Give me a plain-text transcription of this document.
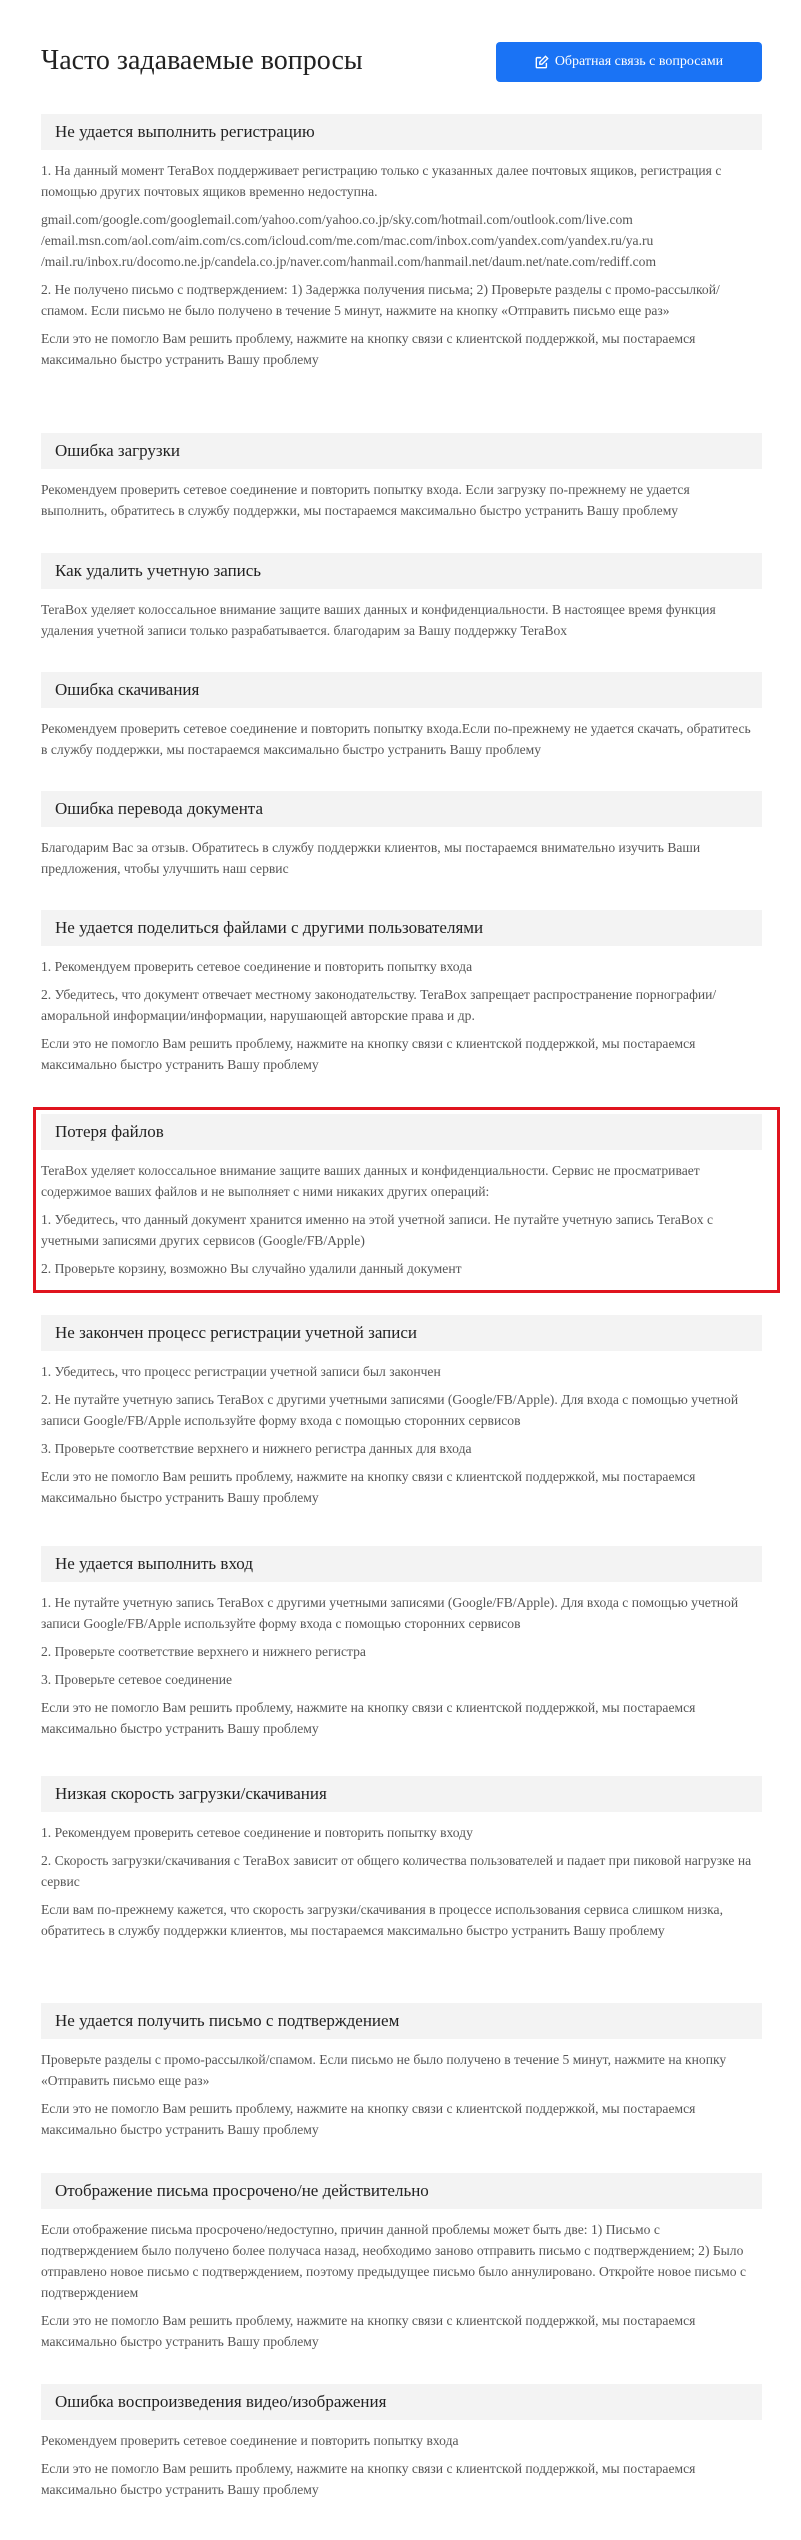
Часто задаваемые вопросы	Обратная связь с вопросами
Не удается выполнить регистрацию

1. На данный момент TeraBox поддерживает регистрацию только с указанных далее почтовых ящиков, регистрация с помощью других почтовых ящиков временно недоступна.

gmail.com/google.com/googlemail.com/yahoo.com/yahoo.co.jp/sky.com/hotmail.com/outlook.com/live.com /email.msn.com/aol.com/aim.com/cs.com/icloud.com/me.com/mac.com/inbox.com/yandex.com/yandex.ru/ya.ru /mail.ru/inbox.ru/docomo.ne.jp/candela.co.jp/naver.com/hanmail.com/hanmail.net/daum.net/nate.com/rediff.com

2. Не получено письмо с подтверждением: 1) Задержка получения письма; 2) Проверьте разделы с промо-рассылкой/спамом. Если письмо не было получено в течение 5 минут, нажмите на кнопку «Отправить письмо еще раз»

Если это не помогло Вам решить проблему, нажмите на кнопку связи с клиентской поддержкой, мы постараемся максимально быстро устранить Вашу проблему

Ошибка загрузки

Рекомендуем проверить сетевое соединение и повторить попытку входа. Если загрузку по-прежнему не удается выполнить, обратитесь в службу поддержки, мы постараемся максимально быстро устранить Вашу проблему

Как удалить учетную запись

TeraBox уделяет колоссальное внимание защите ваших данных и конфиденциальности. В настоящее время функция удаления учетной записи только разрабатывается. благодарим за Вашу поддержку TeraBox

Ошибка скачивания

Рекомендуем проверить сетевое соединение и повторить попытку входа.Если по-прежнему не удается скачать, обратитесь в службу поддержки, мы постараемся максимально быстро устранить Вашу проблему

Ошибка перевода документа

Благодарим Вас за отзыв. Обратитесь в службу поддержки клиентов, мы постараемся внимательно изучить Ваши предложения, чтобы улучшить наш сервис

Не удается поделиться файлами с другими пользователями

1. Рекомендуем проверить сетевое соединение и повторить попытку входа

2. Убедитесь, что документ отвечает местному законодательству. TeraBox запрещает распространение порнографии/аморальной информации/информации, нарушающей авторские права и др.

Если это не помогло Вам решить проблему, нажмите на кнопку связи с клиентской поддержкой, мы постараемся максимально быстро устранить Вашу проблему

Потеря файлов

TeraBox уделяет колоссальное внимание защите ваших данных и конфиденциальности. Сервис не просматривает содержимое ваших файлов и не выполняет с ними никаких других операций:

1. Убедитесь, что данный документ хранится именно на этой учетной записи. Не путайте учетную запись TeraBox с учетными записями других сервисов (Google/FB/Apple)

2. Проверьте корзину, возможно Вы случайно удалили данный документ

Не закончен процесс регистрации учетной записи

1. Убедитесь, что процесс регистрации учетной записи был закончен

2. Не путайте учетную запись TeraBox с другими учетными записями (Google/FB/Apple). Для входа с помощью учетной записи Google/FB/Apple используйте форму входа с помощью сторонних сервисов

3. Проверьте соответствие верхнего и нижнего регистра данных для входа

Если это не помогло Вам решить проблему, нажмите на кнопку связи с клиентской поддержкой, мы постараемся максимально быстро устранить Вашу проблему

Не удается выполнить вход

1. Не путайте учетную запись TeraBox с другими учетными записями (Google/FB/Apple). Для входа с помощью учетной записи Google/FB/Apple используйте форму входа с помощью сторонних сервисов

2. Проверьте соответствие верхнего и нижнего регистра

3. Проверьте сетевое соединение

Если это не помогло Вам решить проблему, нажмите на кнопку связи с клиентской поддержкой, мы постараемся максимально быстро устранить Вашу проблему

Низкая скорость загрузки/скачивания

1. Рекомендуем проверить сетевое соединение и повторить попытку входу

2. Скорость загрузки/скачивания с TeraBox зависит от общего количества пользователей и падает при пиковой нагрузке на сервис

Если вам по-прежнему кажется, что скорость загрузки/скачивания в процессе использования сервиса слишком низка, обратитесь в службу поддержки клиентов, мы постараемся максимально быстро устранить Вашу проблему

Не удается получить письмо с подтверждением

Проверьте разделы с промо-рассылкой/спамом. Если письмо не было получено в течение 5 минут, нажмите на кнопку «Отправить письмо еще раз»

Если это не помогло Вам решить проблему, нажмите на кнопку связи с клиентской поддержкой, мы постараемся максимально быстро устранить Вашу проблему

Отображение письма просрочено/не действительно

Если отображение письма просрочено/недоступно, причин данной проблемы может быть две: 1) Письмо с подтверждением было получено более получаса назад, необходимо заново отправить письмо с подтверждением; 2) Было отправлено новое письмо с подтверждением, поэтому предыдущее письмо было аннулировано. Откройте новое письмо с подтверждением

Если это не помогло Вам решить проблему, нажмите на кнопку связи с клиентской поддержкой, мы постараемся максимально быстро устранить Вашу проблему

Ошибка воспроизведения видео/изображения

Рекомендуем проверить сетевое соединение и повторить попытку входа

Если это не помогло Вам решить проблему, нажмите на кнопку связи с клиентской поддержкой, мы постараемся максимально быстро устранить Вашу проблему
